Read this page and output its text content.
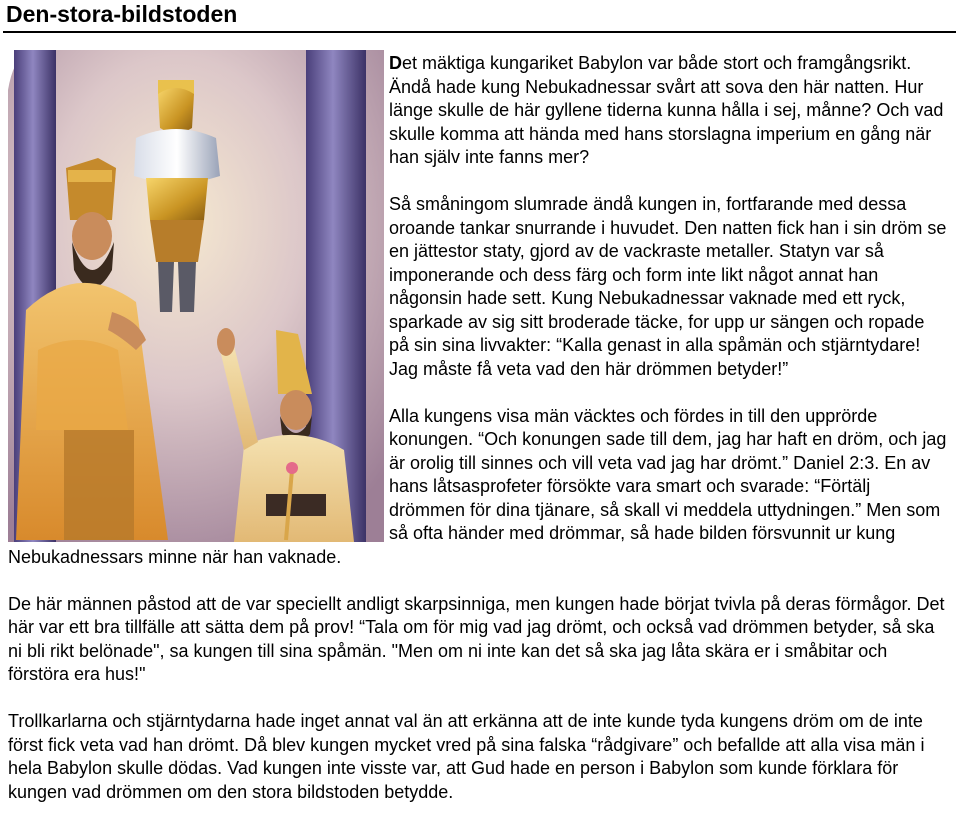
Den-stora-bildstoden

Det mäktiga kungariket Babylon var både stort och framgångsrikt. Ändå hade kung Nebukadnessar svårt att sova den här natten. Hur länge skulle de här gyllene tiderna kunna hålla i sej, månne? Och vad skulle komma att hända med hans storslagna imperium en gång när han själv inte fanns mer?

Så småningom slumrade ändå kungen in, fortfarande med dessa oroande tankar snurrande i huvudet. Den natten fick han i sin dröm se en jättestor staty, gjord av de vackraste metaller. Statyn var så imponerande och dess färg och form inte likt något annat han någonsin hade sett. Kung Nebukadnessar vaknade med ett ryck, sparkade av sig sitt broderade täcke, for upp ur sängen och ropade på sin sina livvakter: “Kalla genast in alla spåmän och stjärntydare! Jag måste få veta vad den här drömmen betyder!”

Alla kungens visa män väcktes och fördes in till den upprörde konungen. “Och konungen sade till dem, jag har haft en dröm, och jag är orolig till sinnes och vill veta vad jag har drömt.” Daniel 2:3. En av hans låtsasprofeter försökte vara smart och svarade: “Förtälj drömmen för dina tjänare, så skall vi meddela uttydningen.” Men som så ofta händer med drömmar, så hade bilden försvunnit ur kung Nebukadnessars minne när han vaknade.

De här männen påstod att de var speciellt andligt skarpsinniga, men kungen hade börjat tvivla på deras förmågor. Det här var ett bra tillfälle att sätta dem på prov! “Tala om för mig vad jag drömt, och också vad drömmen betyder, så ska ni bli rikt belönade", sa kungen till sina spåmän. "Men om ni inte kan det så ska jag låta skära er i småbitar och förstöra era hus!"

Trollkarlarna och stjärntydarna hade inget annat val än att erkänna att de inte kunde tyda kungens dröm om de inte först fick veta vad han drömt. Då blev kungen mycket vred på sina falska “rådgivare” och befallde att alla visa män i hela Babylon skulle dödas. Vad kungen inte visste var, att Gud hade en person i Babylon som kunde förklara för kungen vad drömmen om den stora bildstoden betydde.
